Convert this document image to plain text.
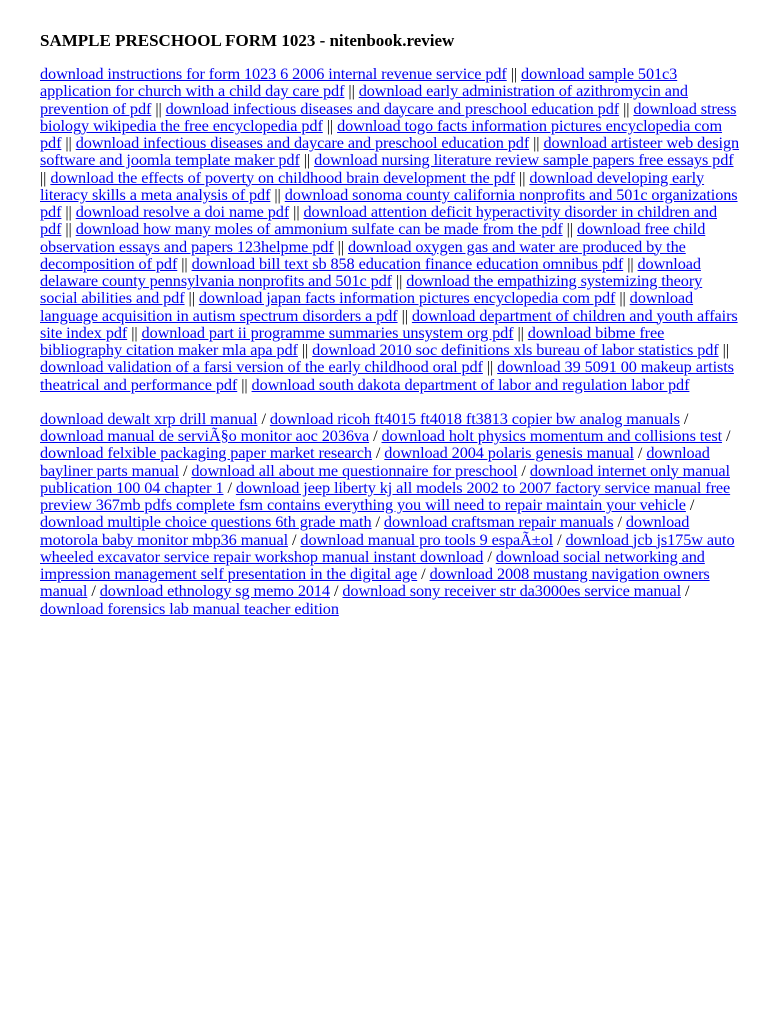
SAMPLE PRESCHOOL FORM 1023 - nitenbook.review

download instructions for form 1023 6 2006 internal revenue service pdf || download sample 501c3 application for church with a child day care pdf || download early administration of azithromycin and prevention of pdf || download infectious diseases and daycare and preschool education pdf || download stress biology wikipedia the free encyclopedia pdf || download togo facts information pictures encyclopedia com pdf || download infectious diseases and daycare and preschool education pdf || download artisteer web design software and joomla template maker pdf || download nursing literature review sample papers free essays pdf || download the effects of poverty on childhood brain development the pdf || download developing early literacy skills a meta analysis of pdf || download sonoma county california nonprofits and 501c organizations pdf || download resolve a doi name pdf || download attention deficit hyperactivity disorder in children and pdf || download how many moles of ammonium sulfate can be made from the pdf || download free child observation essays and papers 123helpme pdf || download oxygen gas and water are produced by the decomposition of pdf || download bill text sb 858 education finance education omnibus pdf || download delaware county pennsylvania nonprofits and 501c pdf || download the empathizing systemizing theory social abilities and pdf || download japan facts information pictures encyclopedia com pdf || download language acquisition in autism spectrum disorders a pdf || download department of children and youth affairs site index pdf || download part ii programme summaries unsystem org pdf || download bibme free bibliography citation maker mla apa pdf || download 2010 soc definitions xls bureau of labor statistics pdf || download validation of a farsi version of the early childhood oral pdf || download 39 5091 00 makeup artists theatrical and performance pdf || download south dakota department of labor and regulation labor pdf

download dewalt xrp drill manual / download ricoh ft4015 ft4018 ft3813 copier bw analog manuals / download manual de serviÃ§o monitor aoc 2036va / download holt physics momentum and collisions test / download felxible packaging paper market research / download 2004 polaris genesis manual / download bayliner parts manual / download all about me questionnaire for preschool / download internet only manual publication 100 04 chapter 1 / download jeep liberty kj all models 2002 to 2007 factory service manual free preview 367mb pdfs complete fsm contains everything you will need to repair maintain your vehicle / download multiple choice questions 6th grade math / download craftsman repair manuals / download motorola baby monitor mbp36 manual / download manual pro tools 9 espaÃ±ol / download jcb js175w auto wheeled excavator service repair workshop manual instant download / download social networking and impression management self presentation in the digital age / download 2008 mustang navigation owners manual / download ethnology sg memo 2014 / download sony receiver str da3000es service manual / download forensics lab manual teacher edition
